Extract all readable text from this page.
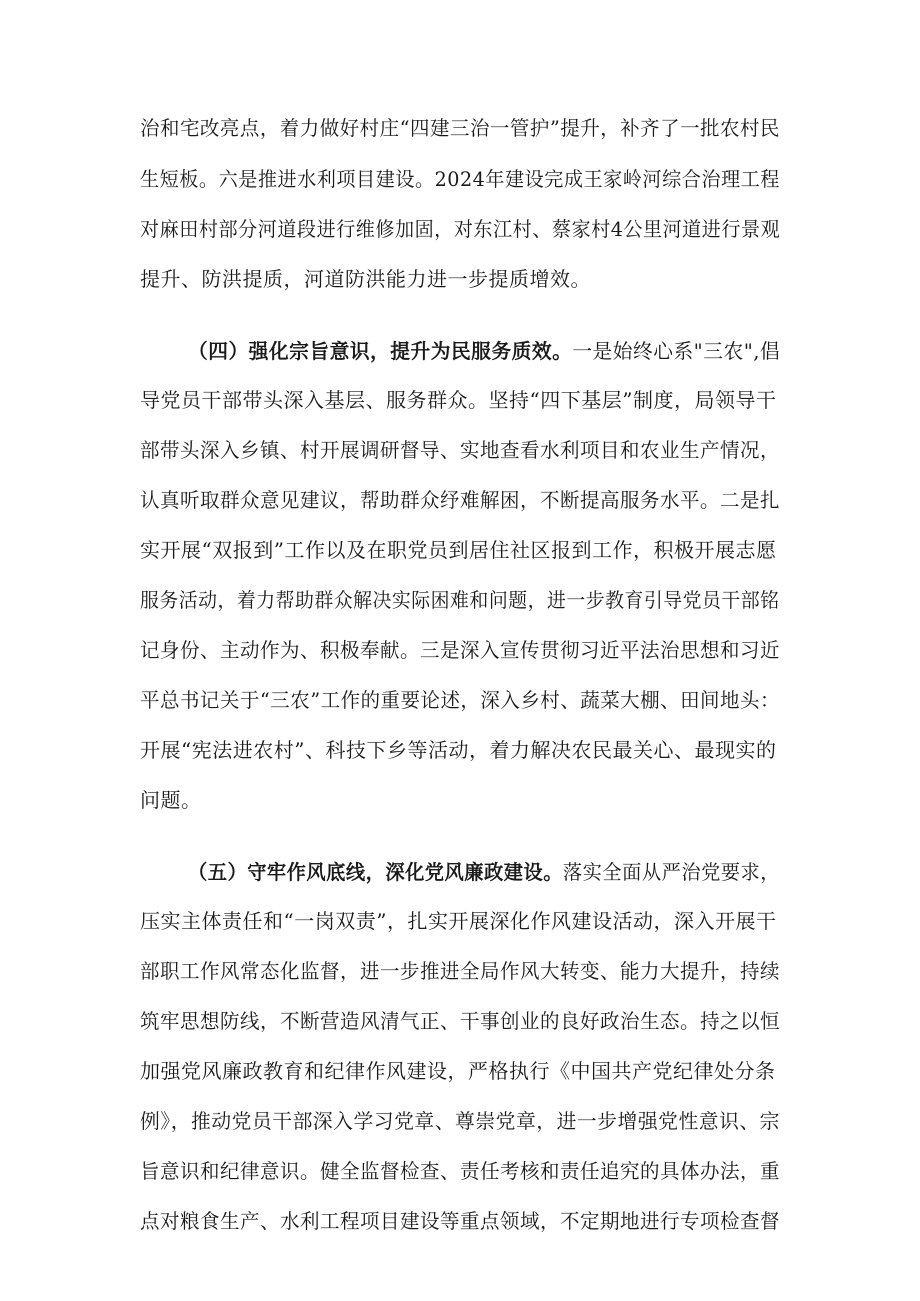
治和宅改亮点，着力做好村庄“四建三治一管护”提升，补齐了一批农村民
生短板。六是推进水利项目建设。2024年建设完成王家岭河综合治理工程
对麻田村部分河道段进行维修加固，对东江村、蔡家村4公里河道进行景观
提升、防洪提质，河道防洪能力进一步提质增效。
（四）强化宗旨意识，提升为民服务质效。一是始终心系"三农",倡
导党员干部带头深入基层、服务群众。坚持“四下基层”制度，局领导干
部带头深入乡镇、村开展调研督导、实地查看水利项目和农业生产情况，
认真听取群众意见建议，帮助群众纾难解困，不断提高服务水平。二是扎
实开展“双报到”工作以及在职党员到居住社区报到工作，积极开展志愿
服务活动，着力帮助群众解决实际困难和问题，进一步教育引导党员干部铭
记身份、主动作为、积极奉献。三是深入宣传贯彻习近平法治思想和习近
平总书记关于“三农”工作的重要论述，深入乡村、蔬菜大棚、田间地头：
开展“宪法进农村”、科技下乡等活动，着力解决农民最关心、最现实的
问题。
（五）守牢作风底线，深化党风廉政建设。落实全面从严治党要求，
压实主体责任和“一岗双责”，扎实开展深化作风建设活动，深入开展干
部职工作风常态化监督，进一步推进全局作风大转变、能力大提升，持续
筑牢思想防线，不断营造风清气正、干事创业的良好政治生态。持之以恒
加强党风廉政教育和纪律作风建设，严格执行《中国共产党纪律处分条
例》，推动党员干部深入学习党章、尊崇党章，进一步增强党性意识、宗
旨意识和纪律意识。健全监督检查、责任考核和责任追究的具体办法，重
点对粮食生产、水利工程项目建设等重点领域，不定期地进行专项检查督
